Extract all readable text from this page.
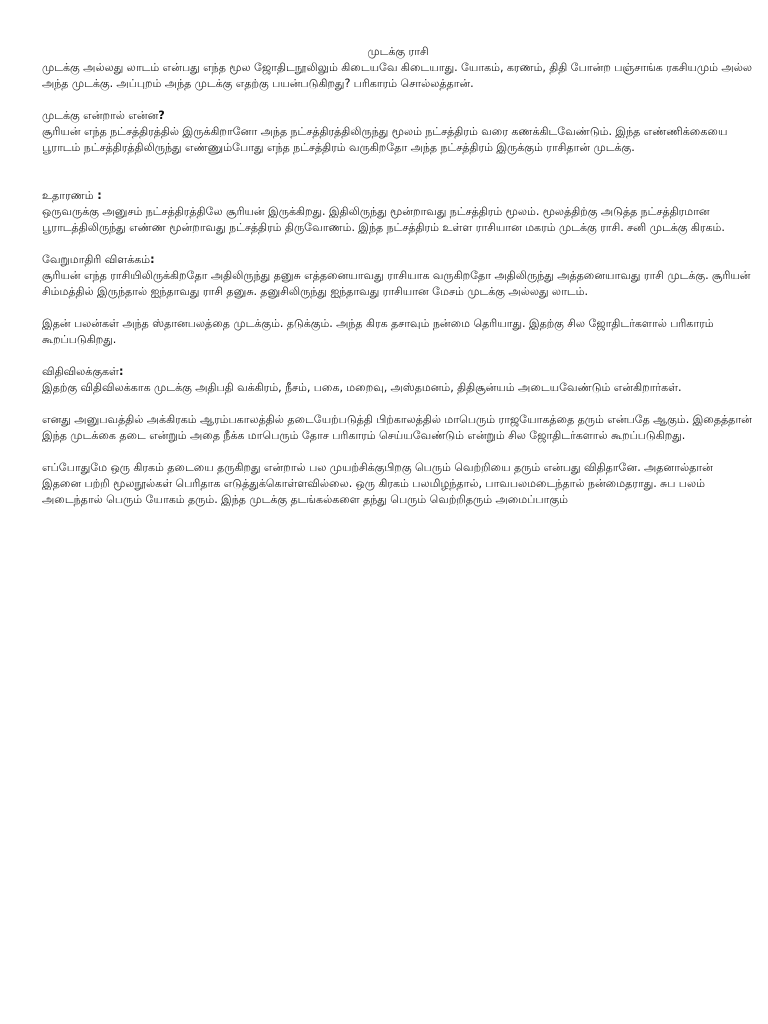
முடக்கு ராசி

முடக்கு அல்லது லாடம் என்பது எந்த மூல ஜோதிடநூலிலும் கிடையவே கிடையாது. யோகம், கரணம், திதி போன்ற பஞ்சாங்க ரகசியமும் அல்ல அந்த முடக்கு. அப்புறம் அந்த முடக்கு எதற்கு பயன்படுகிறது? பரிகாரம் சொல்லத்தான்.

முடக்கு என்றால் என்ன?

சூரியன் எந்த நட்சத்திரத்தில் இருக்கிறானோ அந்த நட்சத்திரத்திலிருந்து மூலம் நட்சத்திரம் வரை கணக்கிடவேண்டும். இந்த எண்ணிக்கையை பூராடம் நட்சத்திரத்திலிருந்து எண்ணும்போது எந்த நட்சத்திரம் வருகிறதோ அந்த நட்சத்திரம் இருக்கும் ராசிதான் முடக்கு.

உதாரணம் :

ஒருவருக்கு அனுசம் நட்சத்திரத்திலே சூரியன் இருக்கிறது. இதிலிருந்து மூன்றாவது நட்சத்திரம் மூலம். மூலத்திற்கு அடுத்த நட்சத்திரமான பூராடத்திலிருந்து எண்ண மூன்றாவது நட்சத்திரம் திருவோணம். இந்த நட்சத்திரம் உள்ள ராசியான மகரம் முடக்கு ராசி. சனி முடக்கு கிரகம்.

வேறுமாதிரி விளக்கம்:

சூரியன் எந்த ராசியிலிருக்கிறதோ அதிலிருந்து தனுசு எத்தனையாவது ராசியாக வருகிறதோ அதிலிருந்து அத்தனையாவது ராசி முடக்கு. சூரியன் சிம்மத்தில் இருந்தால் ஐந்தாவது ராசி தனுசு. தனுசிலிருந்து ஐந்தாவது ராசியான மேசம் முடக்கு அல்லது லாடம்.

இதன் பலன்கள் அந்த ஸ்தானபலத்தை முடக்கும். தடுக்கும். அந்த கிரக தசாவும் நன்மை தெரியாது. இதற்கு சில ஜோதிடர்களால் பரிகாரம் கூறப்படுகிறது.

விதிவிலக்குகள்:

இதற்கு விதிவிலக்காக முடக்கு அதிபதி வக்கிரம், நீசம், பகை, மறைவு, அஸ்தமனம், திதிசூன்யம் அடையவேண்டும் என்கிறார்கள்.

எனது அனுபவத்தில் அக்கிரகம் ஆரம்பகாலத்தில் தடையேற்படுத்தி பிற்காலத்தில் மாபெரும் ராஜயோகத்தை தரும் என்பதே ஆகும். இதைத்தான் இந்த முடக்கை தடை என்றும் அதை நீக்க மாபெரும் தோச பரிகாரம் செய்யவேண்டும் என்றும் சில ஜோதிடர்களால் கூறப்படுகிறது.

எப்போதுமே ஒரு கிரகம் தடையை தருகிறது என்றால் பல முயற்சிக்குபிறகு பெரும் வெற்றியை தரும் என்பது விதிதானே. அதனால்தான் இதனை பற்றி மூலநூல்கள் பெரிதாக எடுத்துக்கொள்ளவில்லை. ஒரு கிரகம் பலமிழந்தால், பாவபலமடைந்தால் நன்மைதராது. சுப பலம் அடைந்தால் பெரும் யோகம் தரும். இந்த முடக்கு தடங்கல்களை தந்து பெரும் வெற்றிதரும் அமைப்பாகும்
